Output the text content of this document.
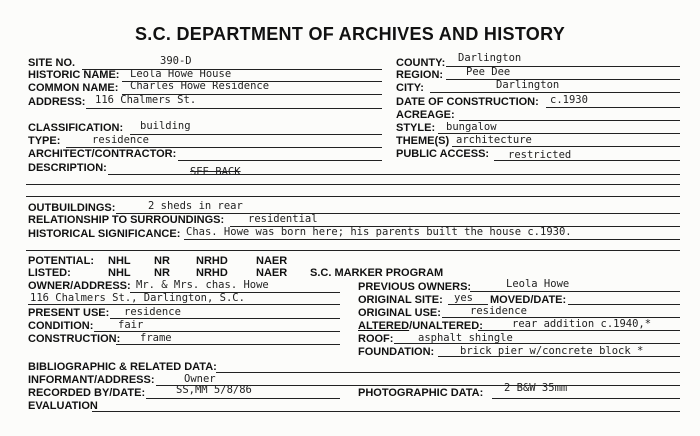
S.C. DEPARTMENT OF ARCHIVES AND HISTORY
SITE NO.	390-D
HISTORIC NAME: Leola Howe House
COMMON NAME: Charles Howe Residence
ADDRESS: 116 Chalmers St.
COUNTY: Darlington
REGION: Pee Dee
CITY:	Darlington
DATE OF CONSTRUCTION: c.1930
ACREAGE:
CLASSIFICATION: building
TYPE:	residence
ARCHITECT/CONTRACTOR:
DESCRIPTION:	SEE BACK
STYLE: bungalow
THEME(S) architecture
PUBLIC ACCESS: restricted
OUTBUILDINGS:	2 sheds in rear
RELATIONSHIP TO SURROUNDINGS: residential
HISTORICAL SIGNIFICANCE: Chas. Howe was born here; his parents built the house c.1930.
POTENTIAL: NHL NR NRHD	NAER
LISTED:	NHL NR NRHD	NAER S.C. MARKER PROGRAM
OWNER/ADDRESS: Mr. & Mrs. chas. Howe
116 Chalmers St., Darlington, S.C.
PRESENT USE: residence
CONDITION: fair
CONSTRUCTION: frame
PREVIOUS OWNERS:	Leola Howe
ORIGINAL SITE: yes MOVED/DATE:
ORIGINAL USE:	residence
ALTERED/UNALTERED:	rear addition c.1940,*
ROOF: asphalt shingle
FOUNDATION: brick pier w/concrete block *
BIBLIOGRAPHIC & RELATED DATA:
INFORMANT/ADDRESS:	Owner
RECORDED BY/DATE:	SS,MM 5/8/86	PHOTOGRAPHIC DATA: 2 B&W 35mm
EVALUATION
